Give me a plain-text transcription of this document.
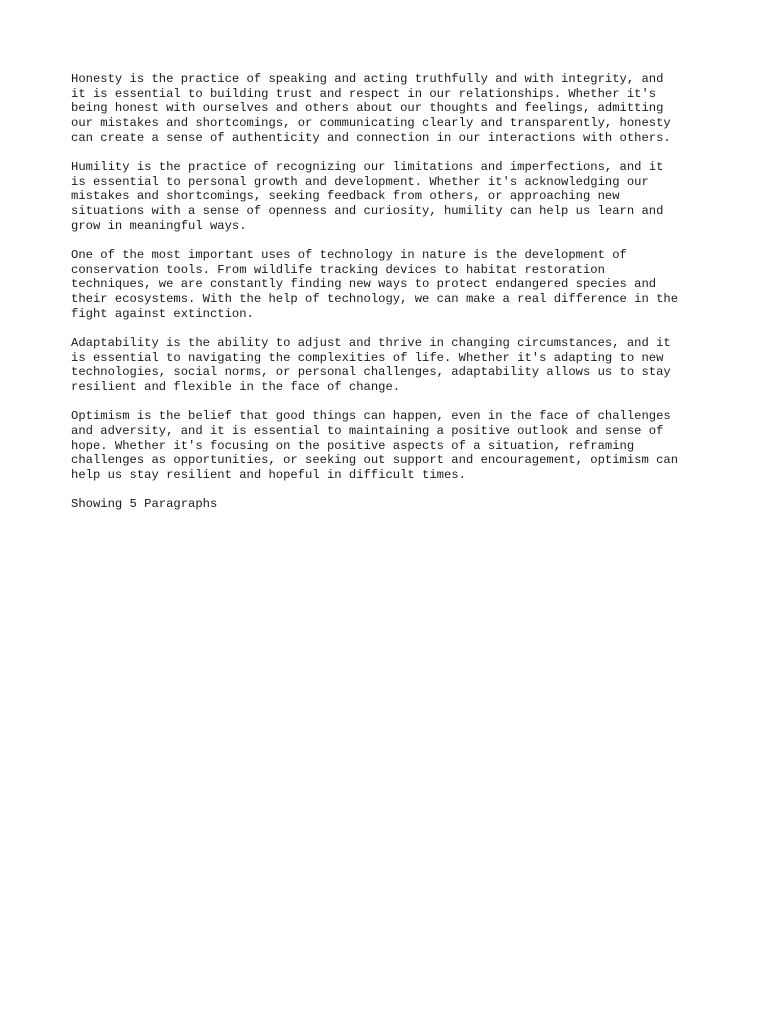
Honesty is the practice of speaking and acting truthfully and with integrity, and
it is essential to building trust and respect in our relationships. Whether it's
being honest with ourselves and others about our thoughts and feelings, admitting
our mistakes and shortcomings, or communicating clearly and transparently, honesty
can create a sense of authenticity and connection in our interactions with others.

Humility is the practice of recognizing our limitations and imperfections, and it
is essential to personal growth and development. Whether it's acknowledging our
mistakes and shortcomings, seeking feedback from others, or approaching new
situations with a sense of openness and curiosity, humility can help us learn and
grow in meaningful ways.

One of the most important uses of technology in nature is the development of
conservation tools. From wildlife tracking devices to habitat restoration
techniques, we are constantly finding new ways to protect endangered species and
their ecosystems. With the help of technology, we can make a real difference in the
fight against extinction.

Adaptability is the ability to adjust and thrive in changing circumstances, and it
is essential to navigating the complexities of life. Whether it's adapting to new
technologies, social norms, or personal challenges, adaptability allows us to stay
resilient and flexible in the face of change.

Optimism is the belief that good things can happen, even in the face of challenges
and adversity, and it is essential to maintaining a positive outlook and sense of
hope. Whether it's focusing on the positive aspects of a situation, reframing
challenges as opportunities, or seeking out support and encouragement, optimism can
help us stay resilient and hopeful in difficult times.

Showing 5 Paragraphs
